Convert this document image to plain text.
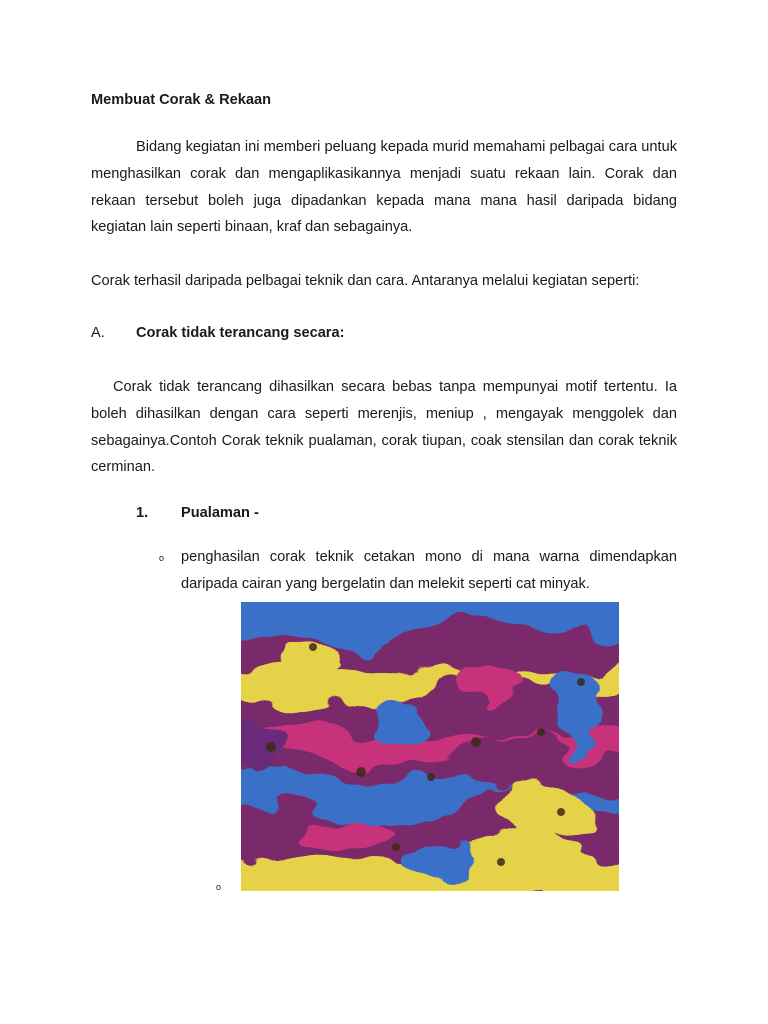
Membuat Corak & Rekaan
Bidang kegiatan ini memberi peluang kepada murid memahami pelbagai cara untuk menghasilkan corak dan mengaplikasikannya menjadi suatu rekaan lain. Corak dan rekaan tersebut boleh juga dipadankan kepada mana mana hasil daripada bidang kegiatan lain seperti binaan, kraf dan sebagainya.
Corak terhasil daripada pelbagai teknik dan cara. Antaranya melalui kegiatan seperti:
A. Corak tidak terancang secara:
Corak tidak terancang dihasilkan secara bebas tanpa mempunyai motif tertentu. Ia boleh dihasilkan dengan cara seperti merenjis, meniup , mengayak menggolek dan sebagainya.Contoh Corak teknik pualaman, corak tiupan, coak stensilan dan corak teknik cerminan.
1. Pualaman -
o penghasilan corak teknik cetakan mono di mana warna dimendapkan daripada cairan yang bergelatin dan melekit seperti cat minyak.
o
